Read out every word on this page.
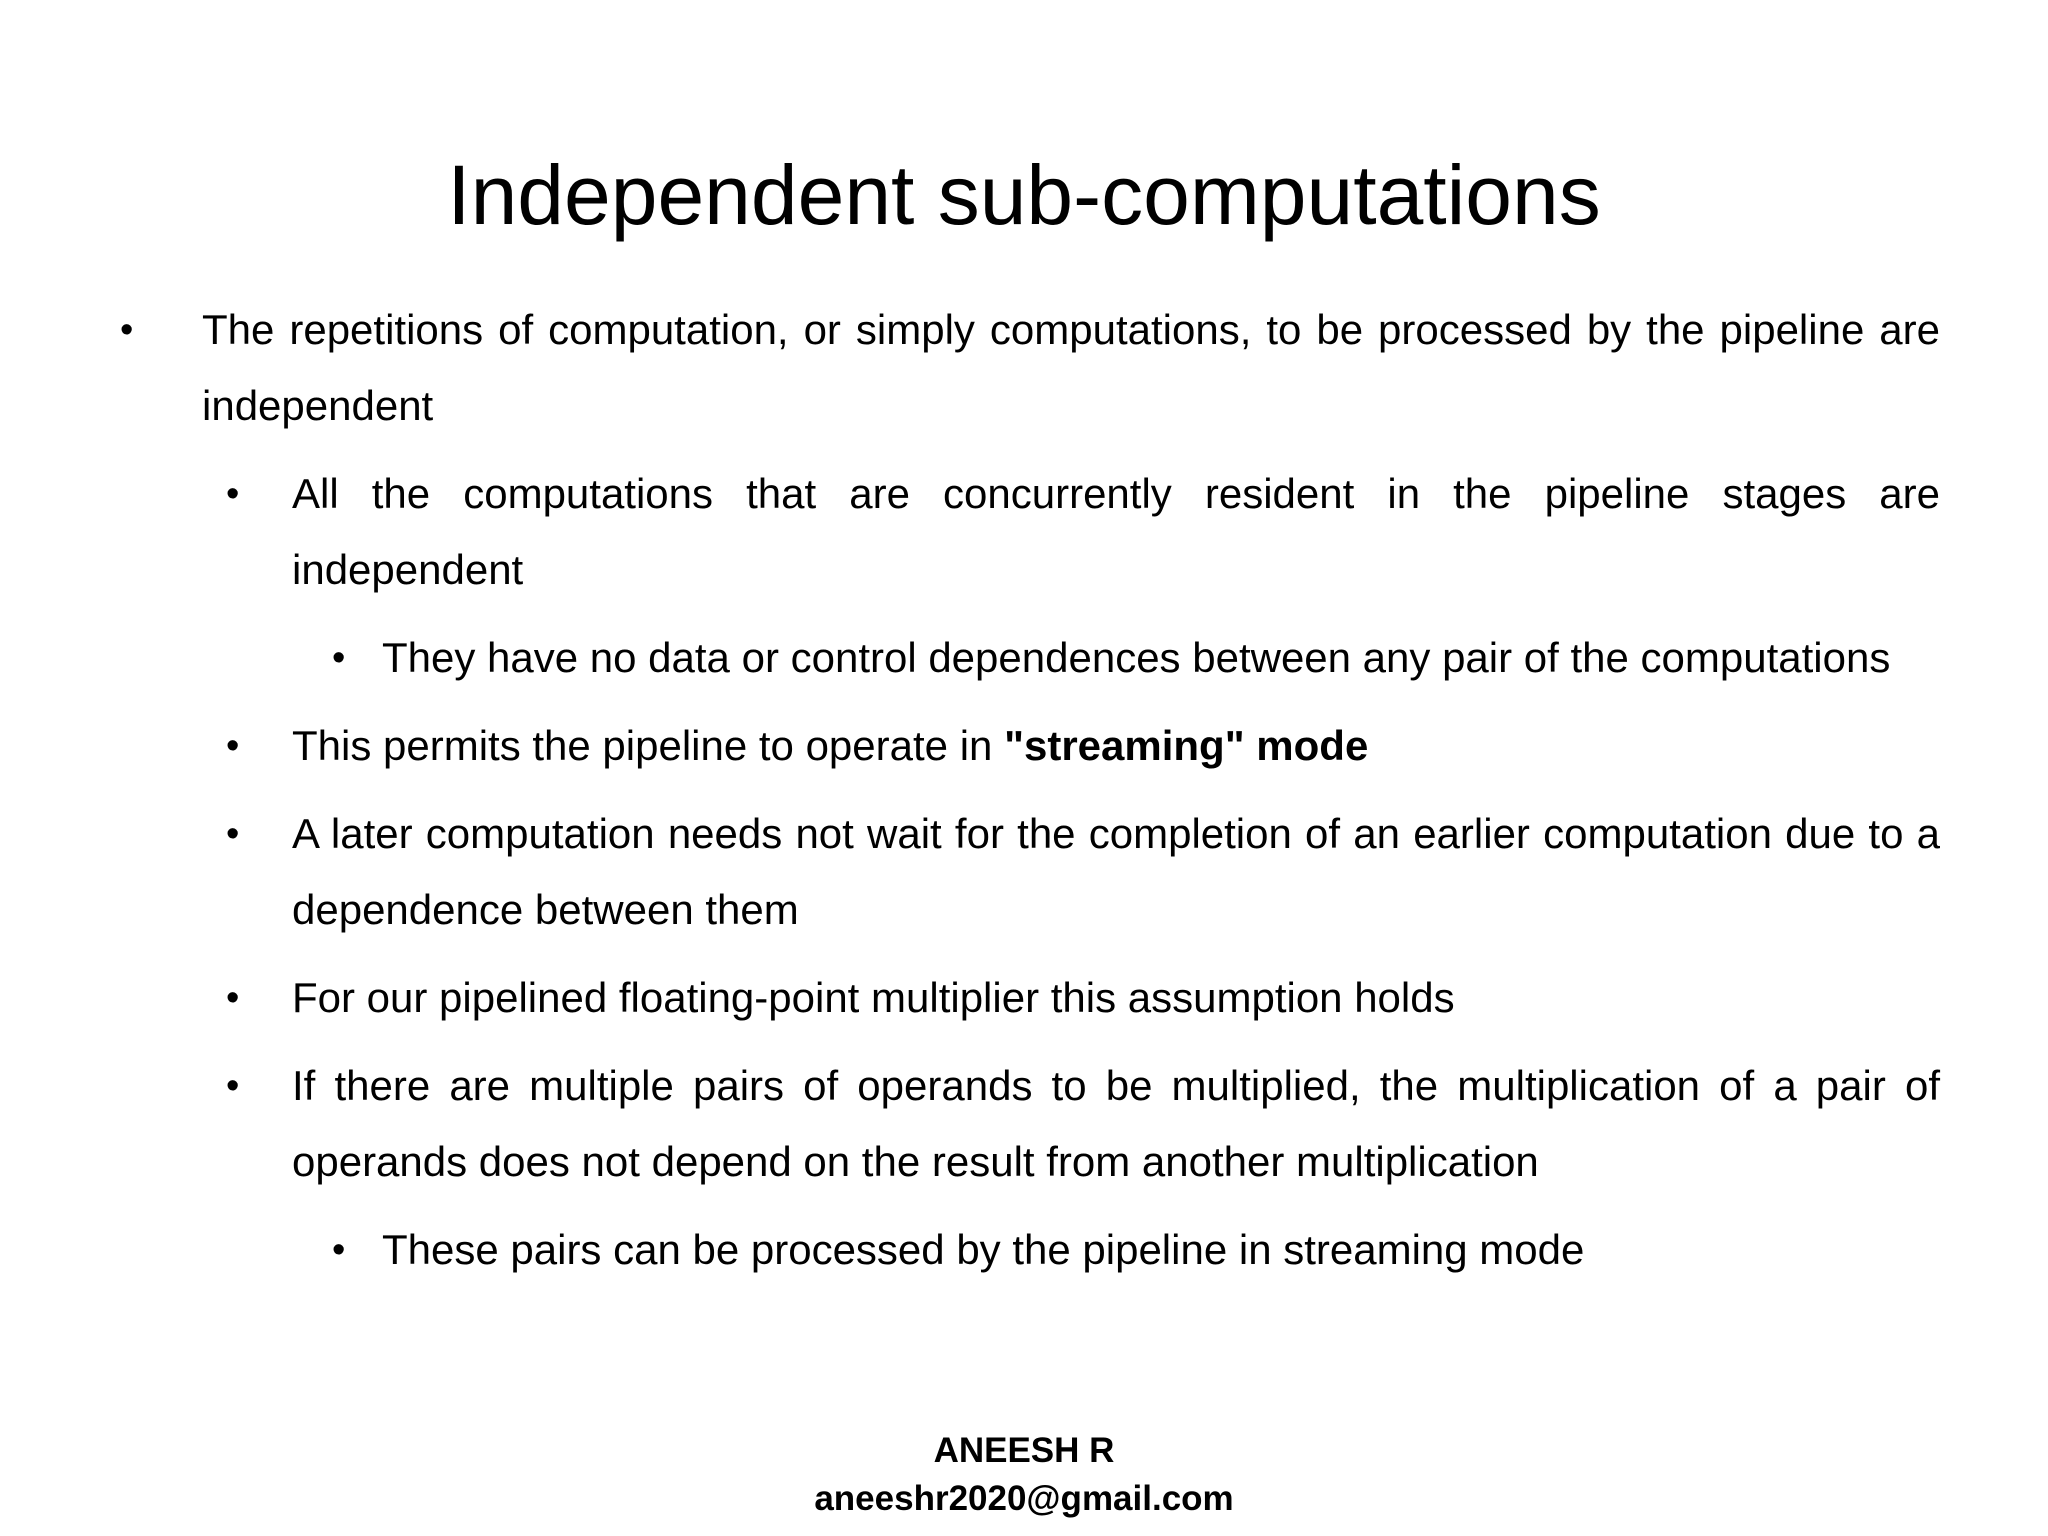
Independent sub-computations
• The repetitions of computation, or simply computations, to be processed by the pipeline are independent
• All the computations that are concurrently resident in the pipeline stages are independent
• They have no data or control dependences between any pair of the computations
• This permits the pipeline to operate in "streaming" mode
• A later computation needs not wait for the completion of an earlier computation due to a dependence between them
• For our pipelined floating-point multiplier this assumption holds
• If there are multiple pairs of operands to be multiplied, the multiplication of a pair of operands does not depend on the result from another multiplication
• These pairs can be processed by the pipeline in streaming mode
ANEESH R
aneeshr2020@gmail.com
